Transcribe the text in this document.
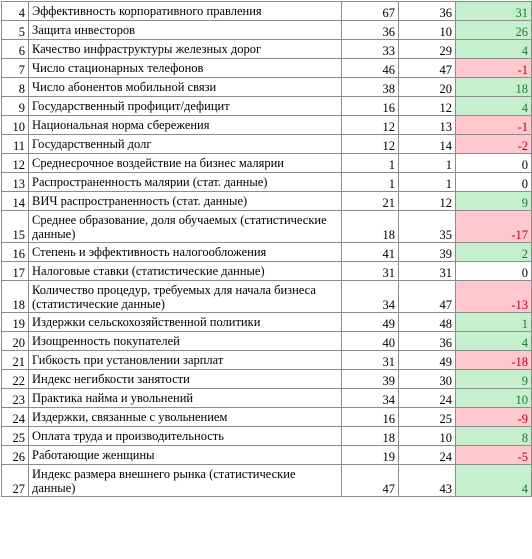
4	Эффективность корпоративного правления	67	36	31
5	Защита инвесторов	36	10	26
6	Качество инфраструктуры железных дорог	33	29	4
7	Число стационарных телефонов	46	47	-1
8	Число абонентов мобильной связи	38	20	18
9	Государственный профицит/дефицит	16	12	4
10	Национальная норма сбережения	12	13	-1
11	Государственный долг	12	14	-2
12	Среднесрочное воздействие на бизнес малярии	1	1	0
13	Распространенность малярии (стат. данные)	1	1	0
14	ВИЧ распространенность (стат. данные)	21	12	9
15	Среднее образование, доля обучаемых (статистические данные)	18	35	-17
16	Степень и эффективность налогообложения	41	39	2
17	Налоговые ставки (статистические данные)	31	31	0
18	Количество процедур, требуемых для начала бизнеса (статистические данные)	34	47	-13
19	Издержки сельскохозяйственной политики	49	48	1
20	Изощренность покупателей	40	36	4
21	Гибкость при установлении зарплат	31	49	-18
22	Индекс негибкости занятости	39	30	9
23	Практика найма и увольнений	34	24	10
24	Издержки, связанные с увольнением	16	25	-9
25	Оплата труда и производительность	18	10	8
26	Работающие женщины	19	24	-5
27	Индекс размера внешнего рынка (статистические данные)	47	43	4
